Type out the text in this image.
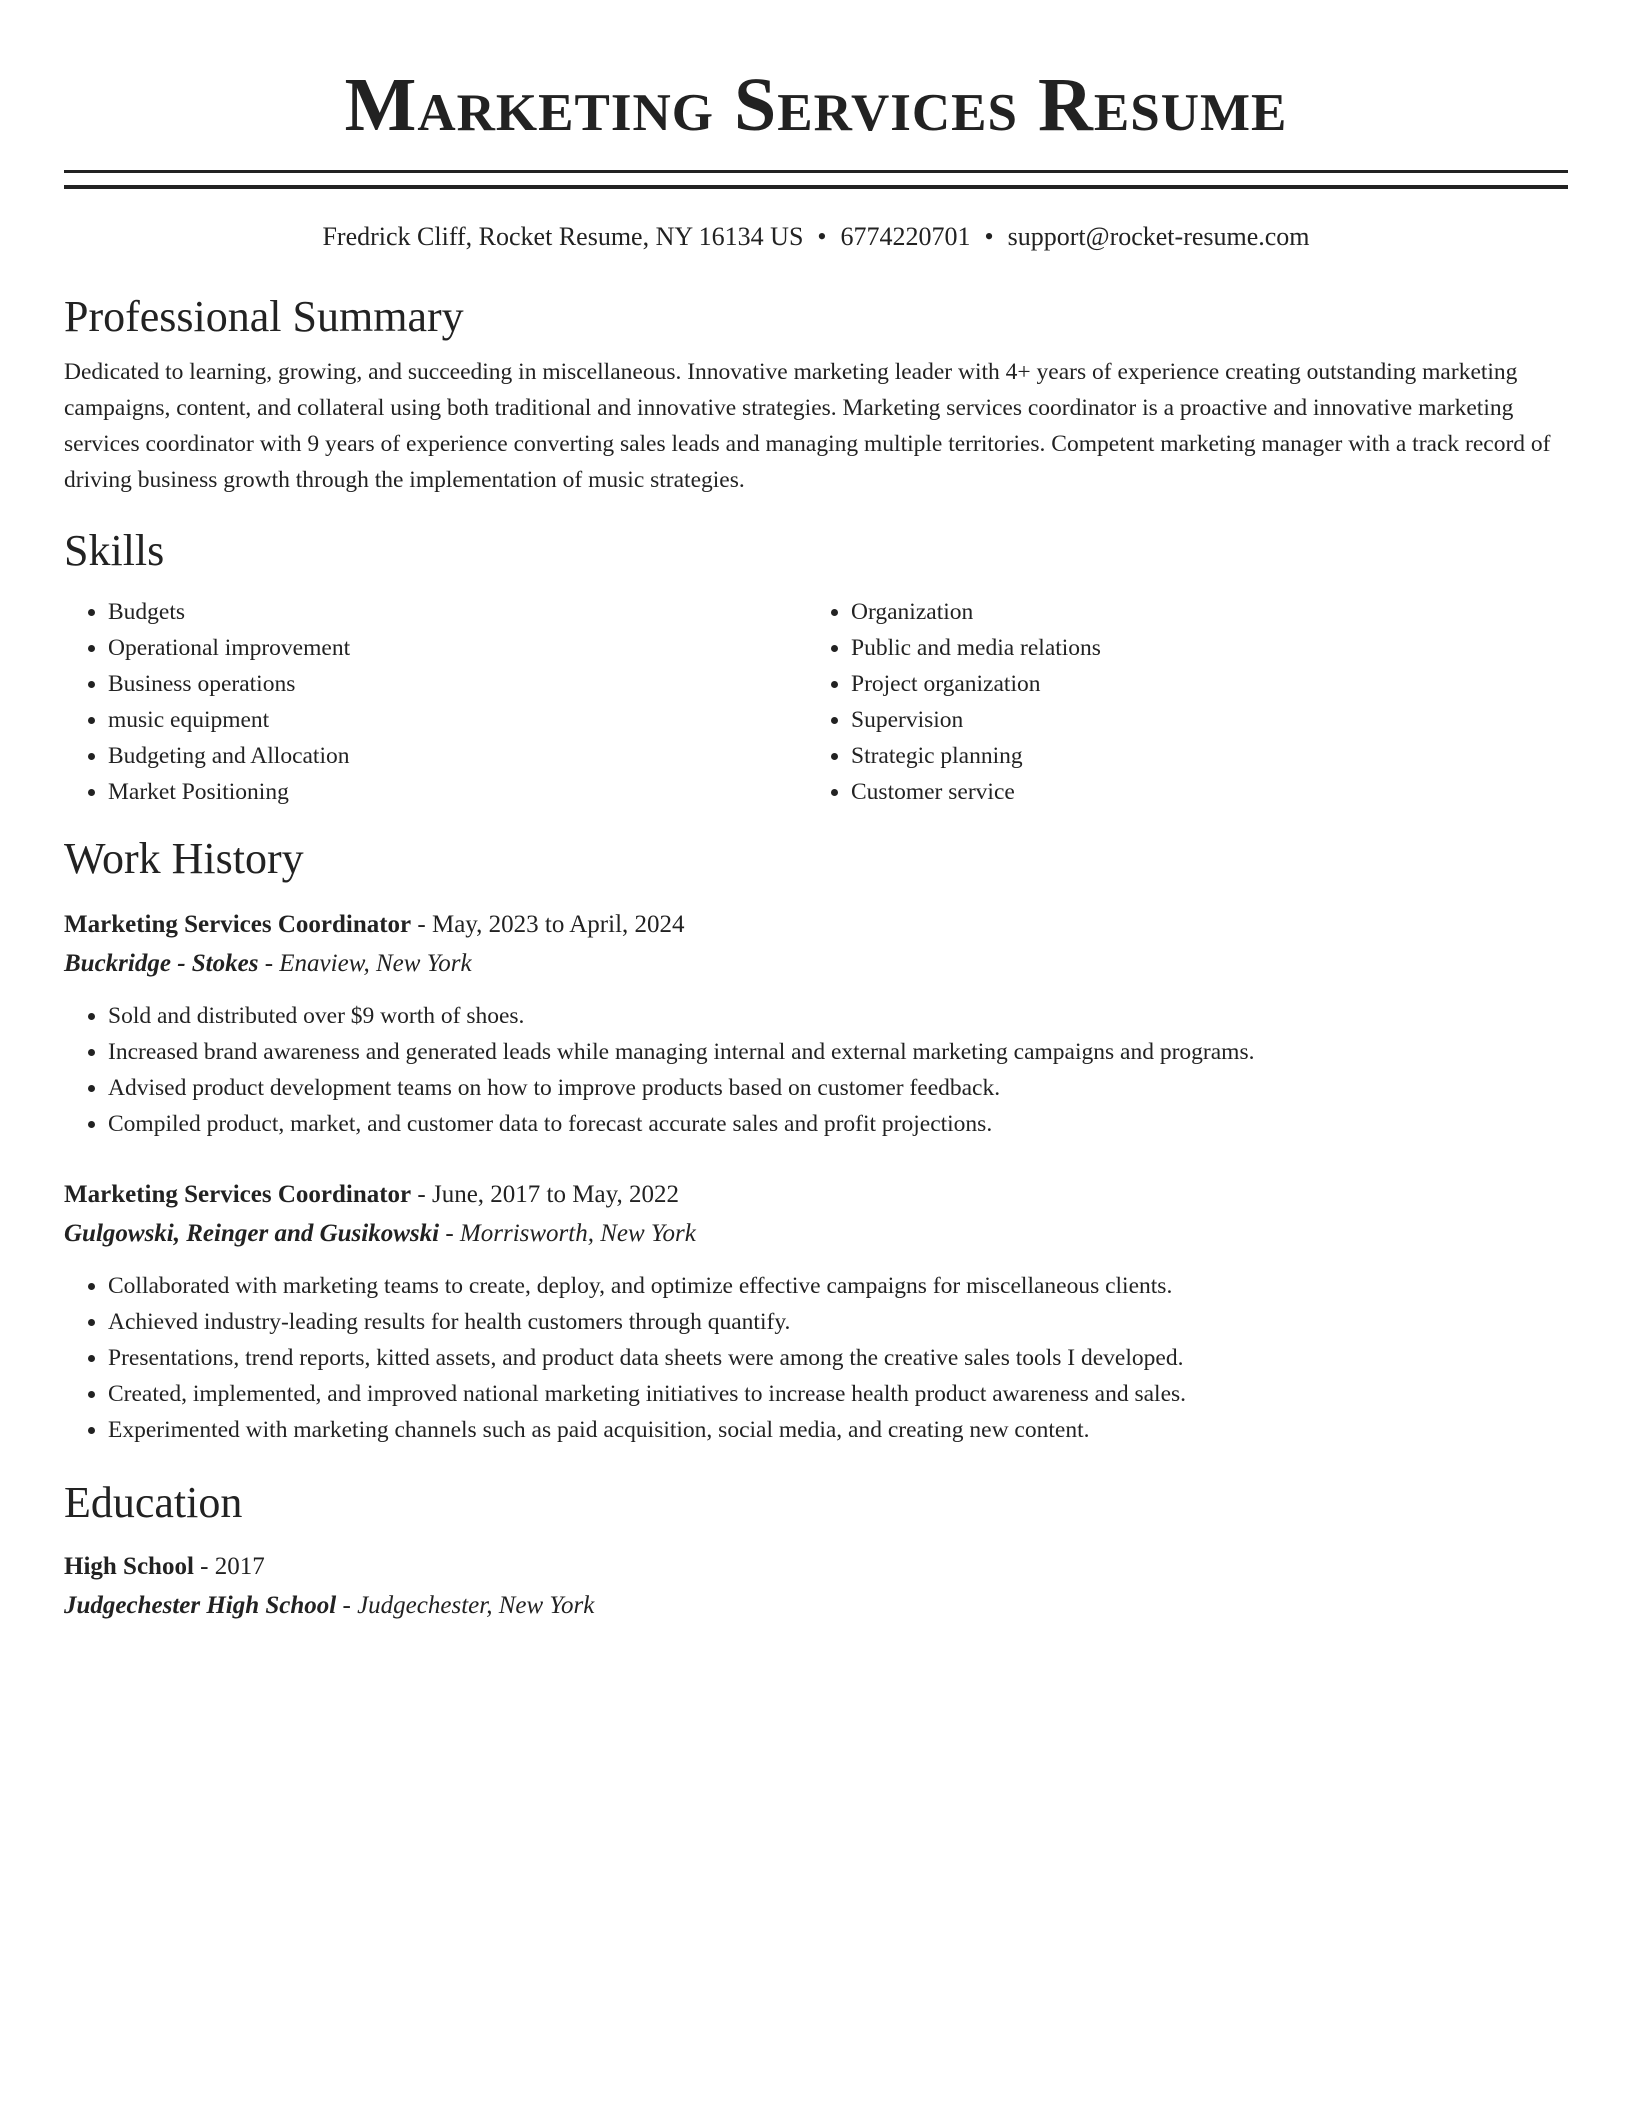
Marketing Services Resume
Fredrick Cliff, Rocket Resume, NY 16134 US • 6774220701 • support@rocket-resume.com
Professional Summary

Dedicated to learning, growing, and succeeding in miscellaneous. Innovative marketing leader with 4+ years of experience creating outstanding marketing campaigns, content, and collateral using both traditional and innovative strategies. Marketing services coordinator is a proactive and innovative marketing services coordinator with 9 years of experience converting sales leads and managing multiple territories. Competent marketing manager with a track record of driving business growth through the implementation of music strategies.

Skills
• Budgets
• Operational improvement
• Business operations
• music equipment
• Budgeting and Allocation
• Market Positioning
• Organization
• Public and media relations
• Project organization
• Supervision
• Strategic planning
• Customer service
Work History
Marketing Services Coordinator - May, 2023 to April, 2024
Buckridge - Stokes - Enaview, New York
• Sold and distributed over $9 worth of shoes.
• Increased brand awareness and generated leads while managing internal and external marketing campaigns and programs.
• Advised product development teams on how to improve products based on customer feedback.
• Compiled product, market, and customer data to forecast accurate sales and profit projections.
Marketing Services Coordinator - June, 2017 to May, 2022
Gulgowski, Reinger and Gusikowski - Morrisworth, New York
• Collaborated with marketing teams to create, deploy, and optimize effective campaigns for miscellaneous clients.
• Achieved industry-leading results for health customers through quantify.
• Presentations, trend reports, kitted assets, and product data sheets were among the creative sales tools I developed.
• Created, implemented, and improved national marketing initiatives to increase health product awareness and sales.
• Experimented with marketing channels such as paid acquisition, social media, and creating new content.
Education
High School - 2017
Judgechester High School - Judgechester, New York
